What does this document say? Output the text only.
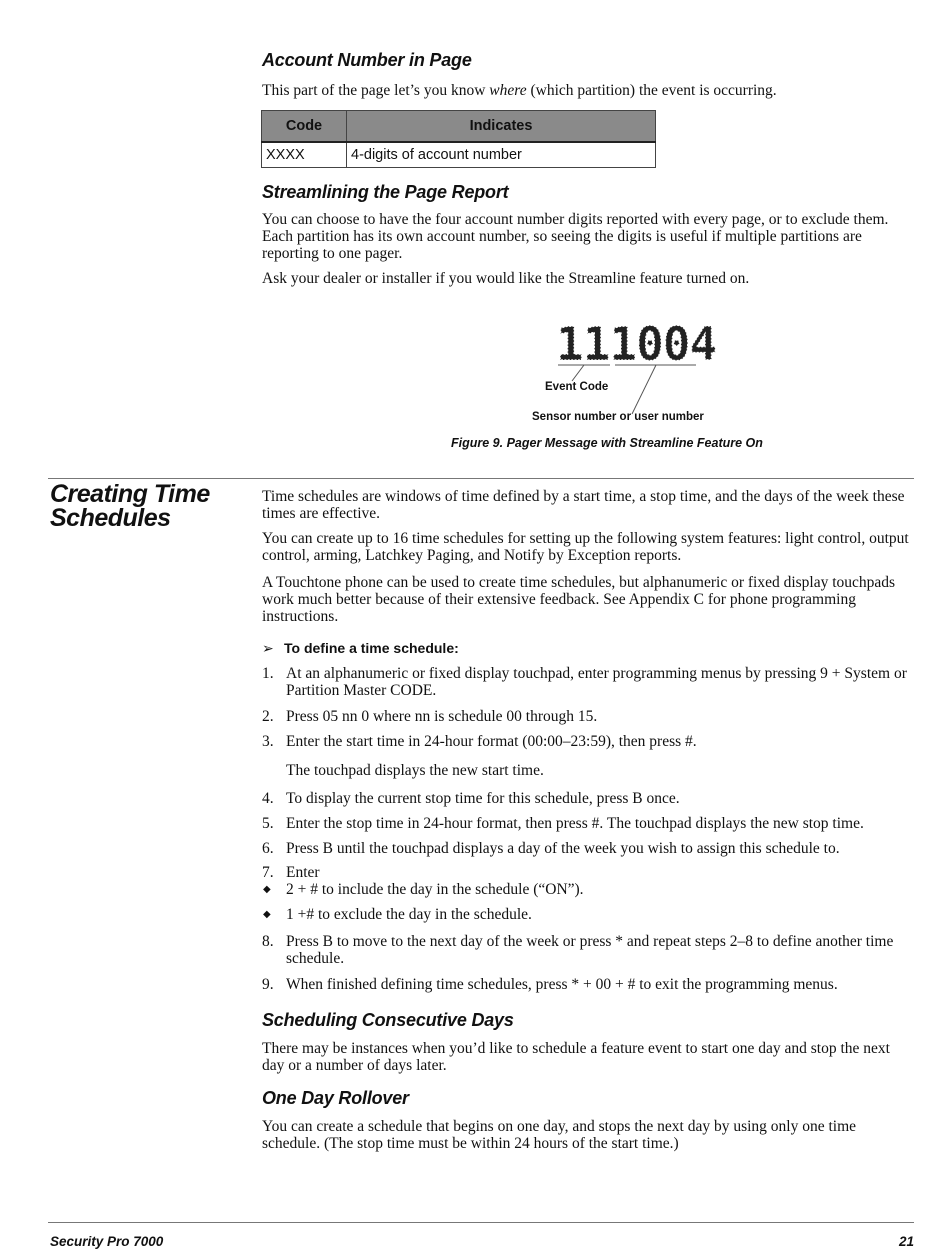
Account Number in Page

This part of the page let’s you know where (which partition) the event is occurring.

Code	Indicates
XXXX	4-digits of account number
Streamlining the Page Report

You can choose to have the four account number digits reported with every page, or to exclude them. Each partition has its own account number, so seeing the digits is useful if multiple partitions are reporting to one pager.

Ask your dealer or installer if you would like the Streamline feature turned on.

111004
Event Code
Sensor number or user number
Figure 9. Pager Message with Streamline Feature On
Creating Time
Schedules

Time schedules are windows of time defined by a start time, a stop time, and the days of the week these times are effective.

You can create up to 16 time schedules for setting up the following system features: light control, output control, arming, Latchkey Paging, and Notify by Exception reports.

A Touchtone phone can be used to create time schedules, but alphanumeric or fixed display touchpads work much better because of their extensive feedback. See Appendix C for phone programming instructions.

➢ To define a time schedule:
1. At an alphanumeric or fixed display touchpad, enter programming menus by pressing 9 + System or Partition Master CODE.
2. Press 05 nn 0 where nn is schedule 00 through 15.
3. Enter the start time in 24-hour format (00:00–23:59), then press #.
The touchpad displays the new start time.
4. To display the current stop time for this schedule, press B once.
5. Enter the stop time in 24-hour format, then press #. The touchpad displays the new stop time.
6. Press B until the touchpad displays a day of the week you wish to assign this schedule to.
7. Enter
◆ 2 + # to include the day in the schedule (“ON”).
◆ 1 +# to exclude the day in the schedule.
8. Press B to move to the next day of the week or press * and repeat steps 2–8 to define another time schedule.
9. When finished defining time schedules, press * + 00 + # to exit the programming menus.
Scheduling Consecutive Days

There may be instances when you’d like to schedule a feature event to start one day and stop the next day or a number of days later.

One Day Rollover

You can create a schedule that begins on one day, and stops the next day by using only one time schedule. (The stop time must be within 24 hours of the start time.)

Security Pro 7000	21
